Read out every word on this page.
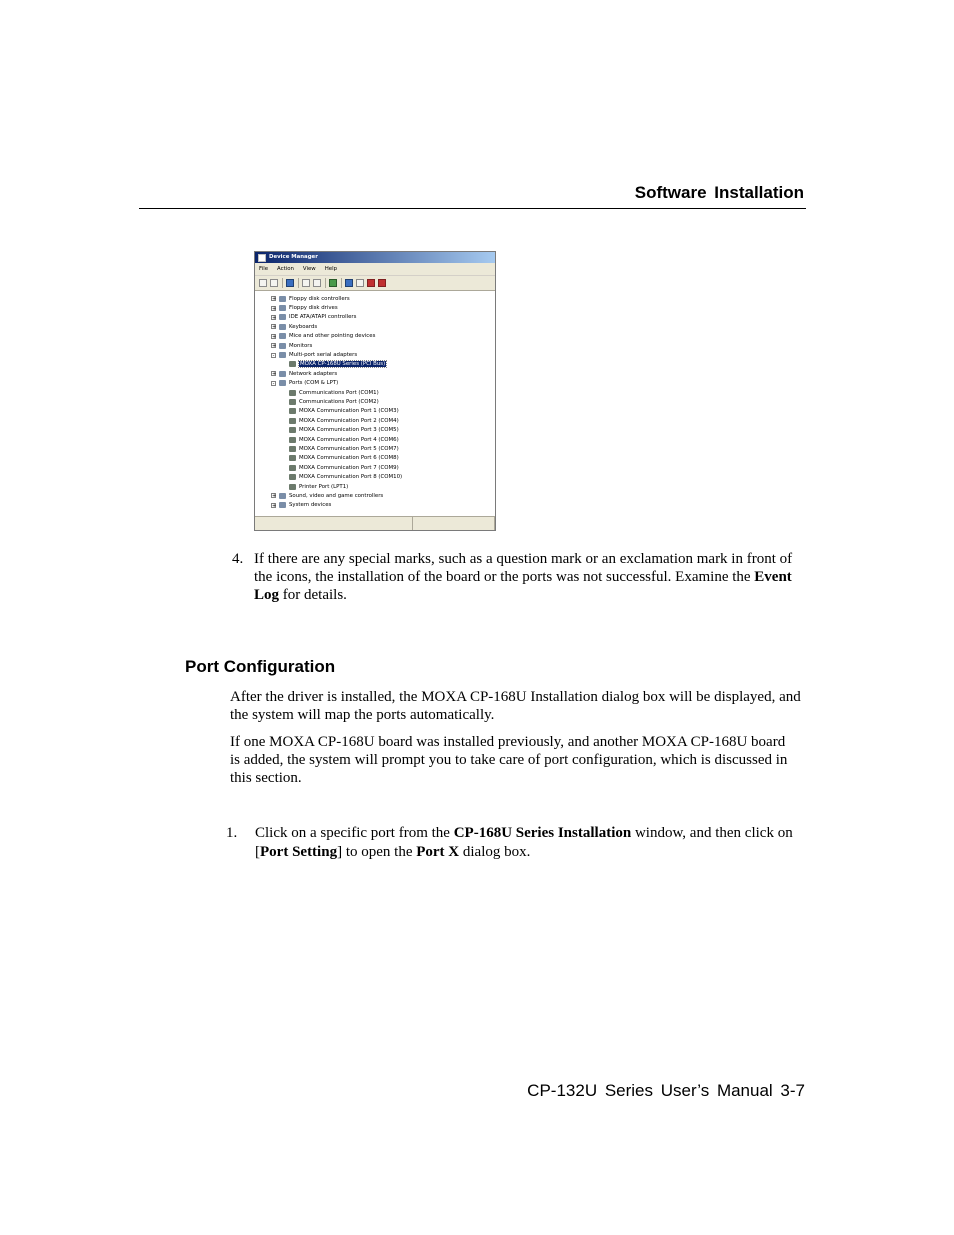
Software Installation
Device Manager
File Action View Help
+ Floppy disk controllers
+ Floppy disk drives
+ IDE ATA/ATAPI controllers
+ Keyboards
+ Mice and other pointing devices
+ Monitors
-	Multi-port serial adapters
MOXA CP-168U Series (PCI Bus)
+ Network adapters
-	Ports (COM & LPT)
Communications Port (COM1)
Communications Port (COM2)
MOXA Communication Port 1 (COM3)
MOXA Communication Port 2 (COM4)
MOXA Communication Port 3 (COM5)
MOXA Communication Port 4 (COM6)
MOXA Communication Port 5 (COM7)
MOXA Communication Port 6 (COM8)
MOXA Communication Port 7 (COM9)
MOXA Communication Port 8 (COM10)
Printer Port (LPT1)
+ Sound, video and game controllers
+ System devices
4. If there are any special marks, such as a question mark or an exclamation mark in front of the icons, the installation of the board or the ports was not successful. Examine the Event Log for details.
Port Configuration
After the driver is installed, the MOXA CP-168U Installation dialog box will be displayed, and the system will map the ports automatically.
If one MOXA CP-168U board was installed previously, and another MOXA CP-168U board is added, the system will prompt you to take care of port configuration, which is discussed in this section.
1. Click on a specific port from the CP-168U Series Installation window, and then click on [Port Setting] to open the Port X dialog box.
CP-132U Series User’s Manual 3-7
